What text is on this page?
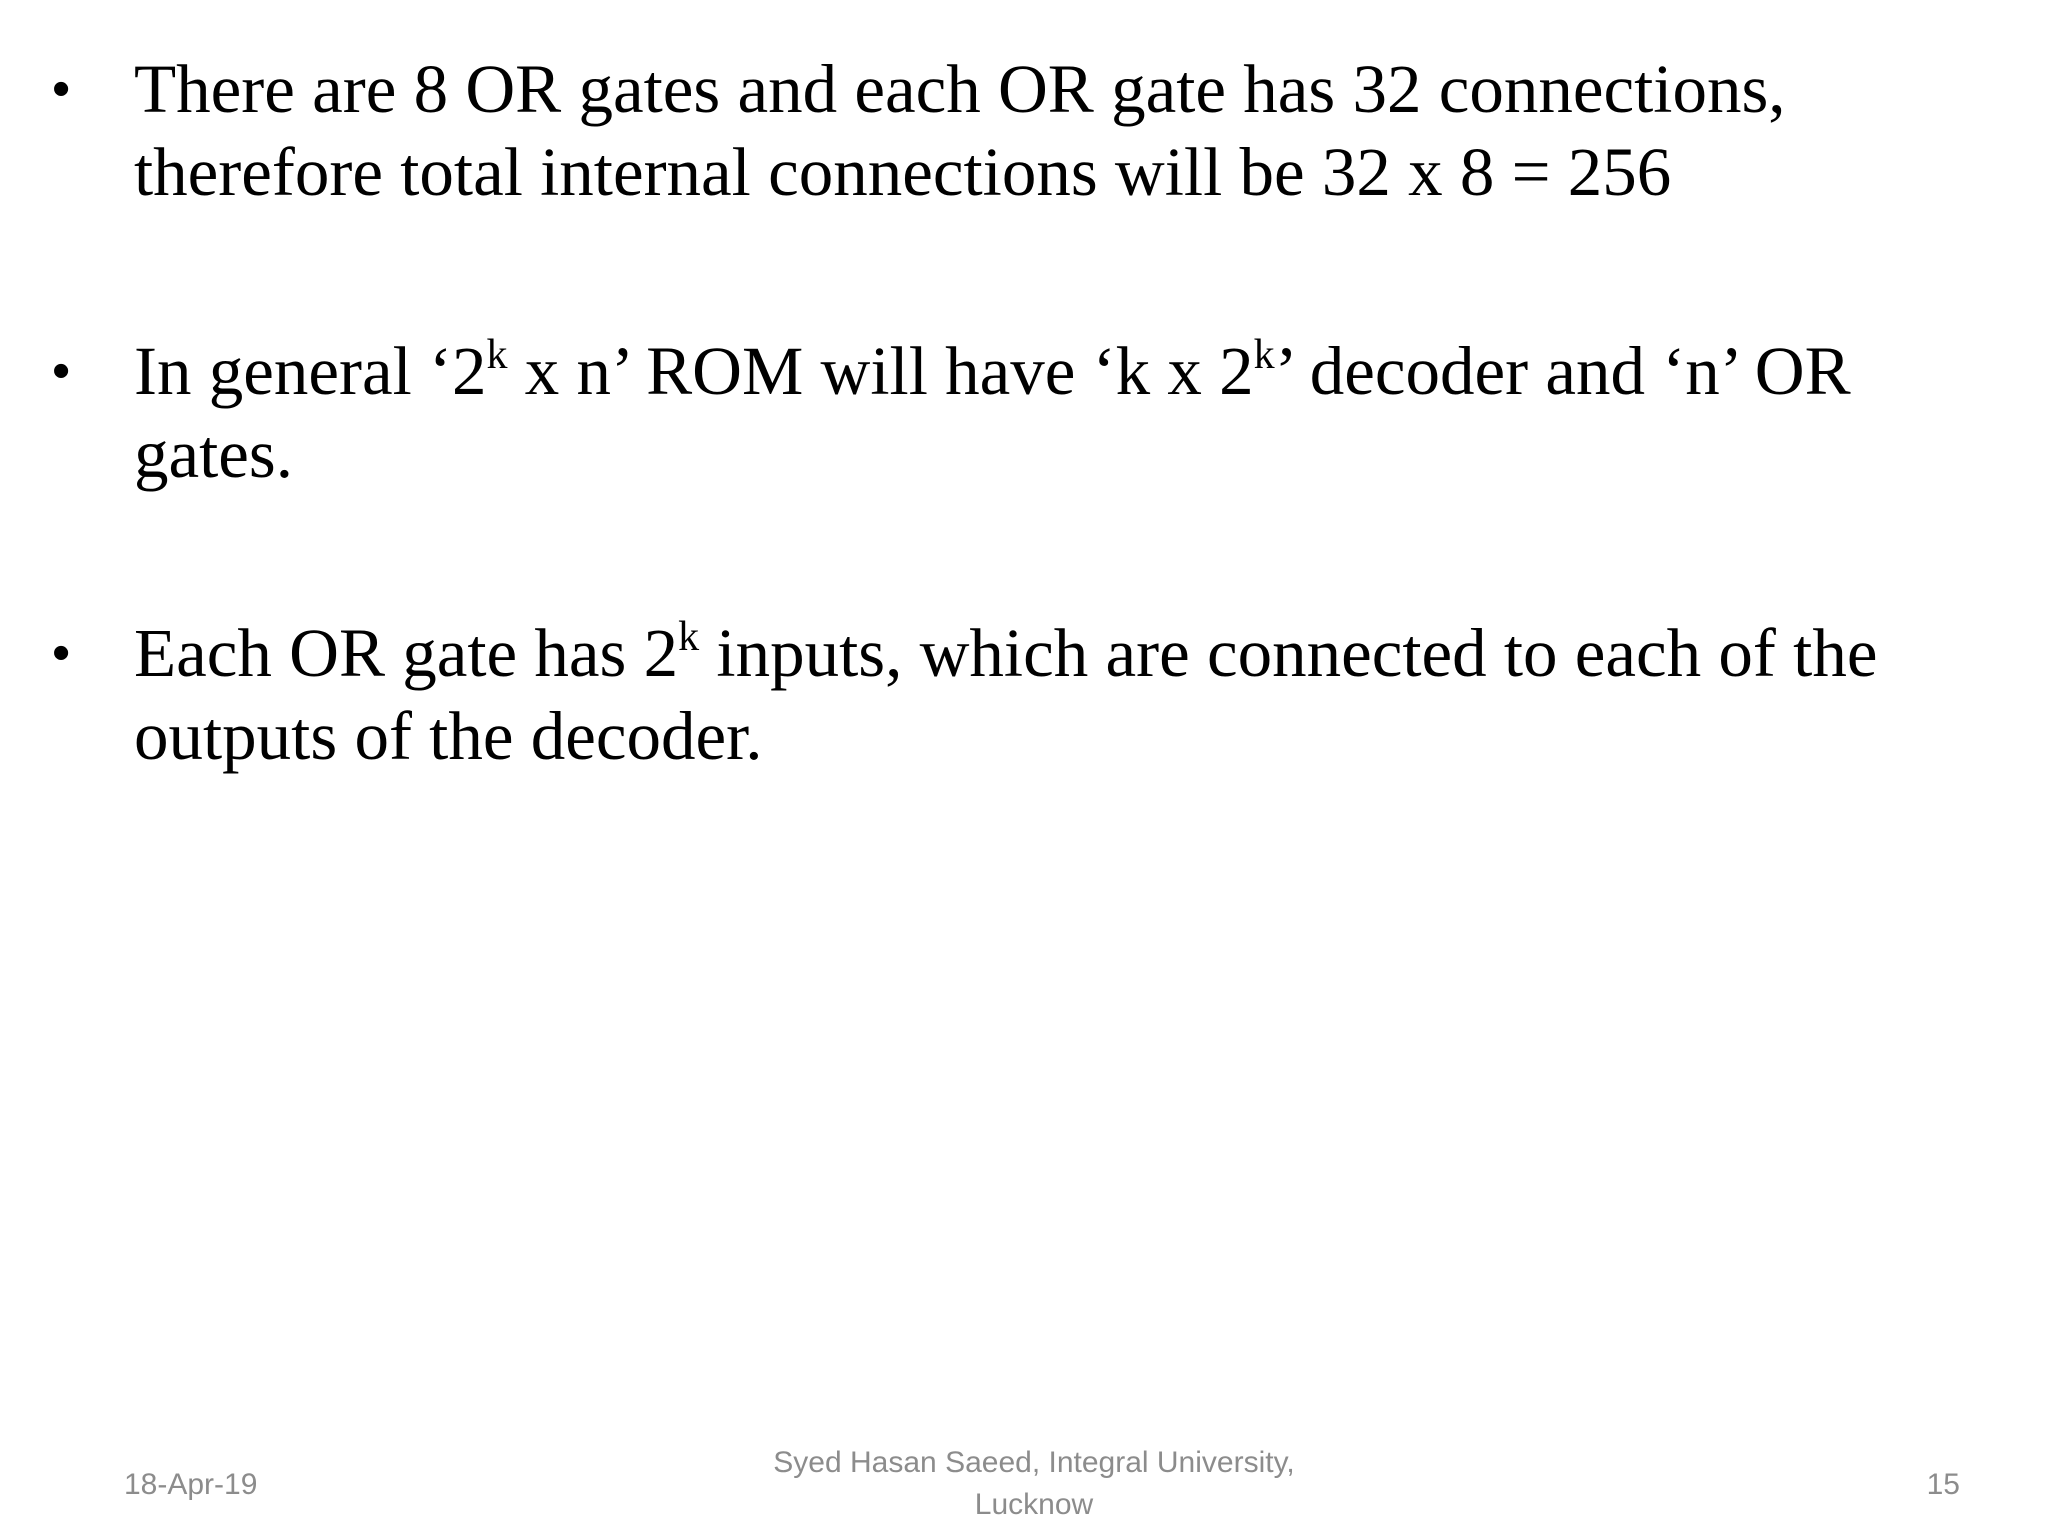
• There are 8 OR gates and each OR gate has 32 connections,
therefore total internal connections will be 32 x 8 = 256
• In general ‘2$^k$ x n’ ROM will have ‘k x 2$^k$’ decoder and ‘n’ OR
gates.
• Each OR gate has 2$^k$ inputs, which are connected to each of the
outputs of the decoder.
18-Apr-19
Syed Hasan Saeed, Integral University,
Lucknow
15
